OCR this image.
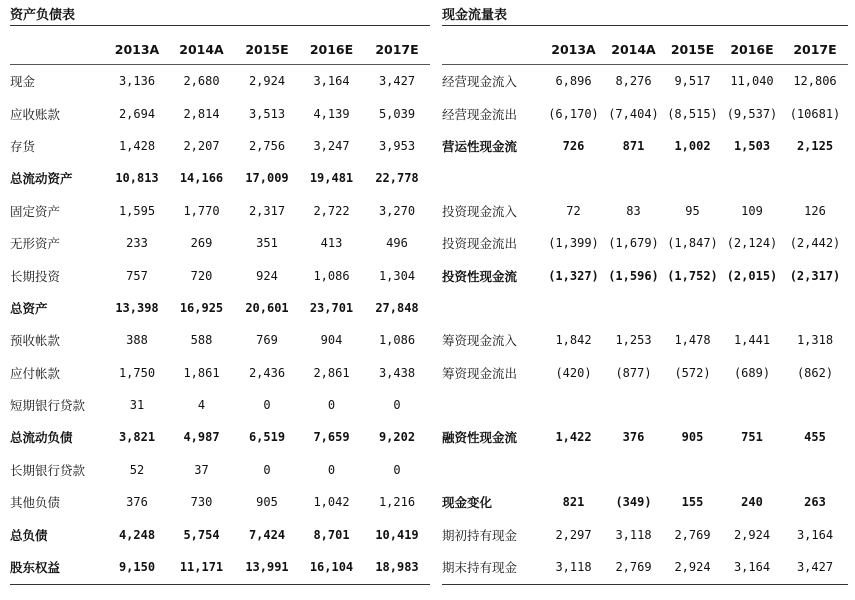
资产负债表
	2013A	2014A	2015E	2016E	2017E
现金	3,136	2,680	2,924	3,164	3,427
应收账款	2,694	2,814	3,513	4,139	5,039
存货	1,428	2,207	2,756	3,247	3,953
总流动资产	10,813	14,166	17,009	19,481	22,778
固定资产	1,595	1,770	2,317	2,722	3,270
无形资产	233	269	351	413	496
长期投资	757	720	924	1,086	1,304
总资产	13,398	16,925	20,601	23,701	27,848
预收帐款	388	588	769	904	1,086
应付帐款	1,750	1,861	2,436	2,861	3,438
短期银行贷款	31	4	0	0	0
总流动负债	3,821	4,987	6,519	7,659	9,202
长期银行贷款	52	37	0	0	0
其他负债	376	730	905	1,042	1,216
总负债	4,248	5,754	7,424	8,701	10,419
股东权益	9,150	11,171	13,991	16,104	18,983
现金流量表
	2013A	2014A	2015E	2016E	2017E
经营现金流入	6,896	8,276	9,517	11,040	12,806
经营现金流出	(6,170)	(7,404)	(8,515)	(9,537)	(10681)
营运性现金流	726	871	1,002	1,503	2,125

投资现金流入	72	83	95	109	126
投资现金流出	(1,399)	(1,679)	(1,847)	(2,124)	(2,442)
投资性现金流	(1,327)	(1,596)	(1,752)	(2,015)	(2,317)

筹资现金流入	1,842	1,253	1,478	1,441	1,318
筹资现金流出	(420)	(877)	(572)	(689)	(862)

融资性现金流	1,422	376	905	751	455

现金变化	821	(349)	155	240	263
期初持有现金	2,297	3,118	2,769	2,924	3,164
期末持有现金	3,118	2,769	2,924	3,164	3,427
